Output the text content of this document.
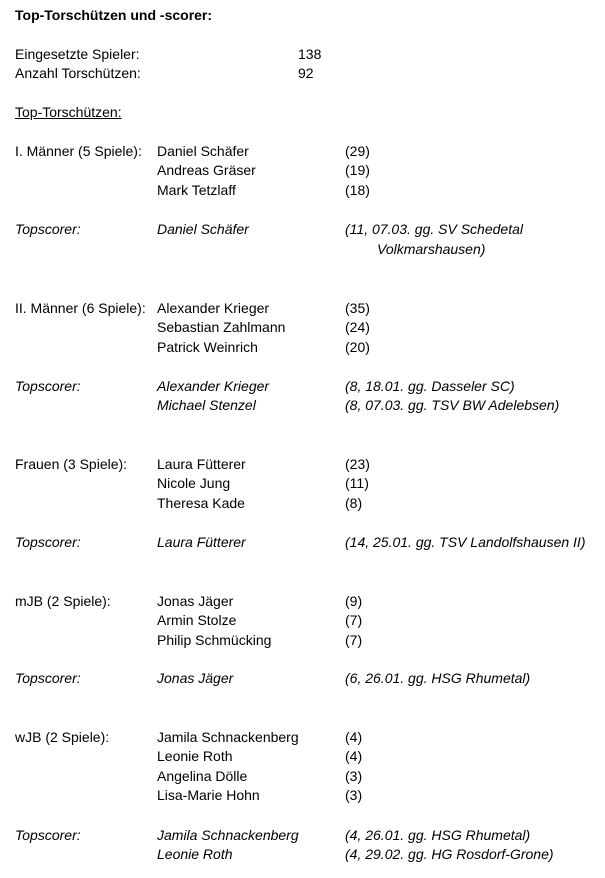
Top-Torschützen und -scorer:
Eingesetzte Spieler:	138
Anzahl Torschützen:	92
Top-Torschützen:
I. Männer (5 Spiele): Daniel Schäfer	(29)
Andreas Gräser	(19)
Mark Tetzlaff	(18)
Topscorer:	Daniel Schäfer	(11, 07.03. gg. SV Schedetal
Volkmarshausen)
II. Männer (6 Spiele): Alexander Krieger	(35)
Sebastian Zahlmann	(24)
Patrick Weinrich	(20)
Topscorer:	Alexander Krieger	(8, 18.01. gg. Dasseler SC)
Michael Stenzel	(8, 07.03. gg. TSV BW Adelebsen)
Frauen (3 Spiele): Laura Fütterer	(23)
Nicole Jung	(11)
Theresa Kade	(8)
Topscorer:	Laura Fütterer	(14, 25.01. gg. TSV Landolfshausen II)
mJB (2 Spiele):	Jonas Jäger	(9)
Armin Stolze	(7)
Philip Schmücking	(7)
Topscorer:	Jonas Jäger	(6, 26.01. gg. HSG Rhumetal)
wJB (2 Spiele):	Jamila Schnackenberg	(4)
Leonie Roth	(4)
Angelina Dölle	(3)
Lisa-Marie Hohn	(3)
Topscorer:	Jamila Schnackenberg	(4, 26.01. gg. HSG Rhumetal)
Leonie Roth	(4, 29.02. gg. HG Rosdorf-Grone)
